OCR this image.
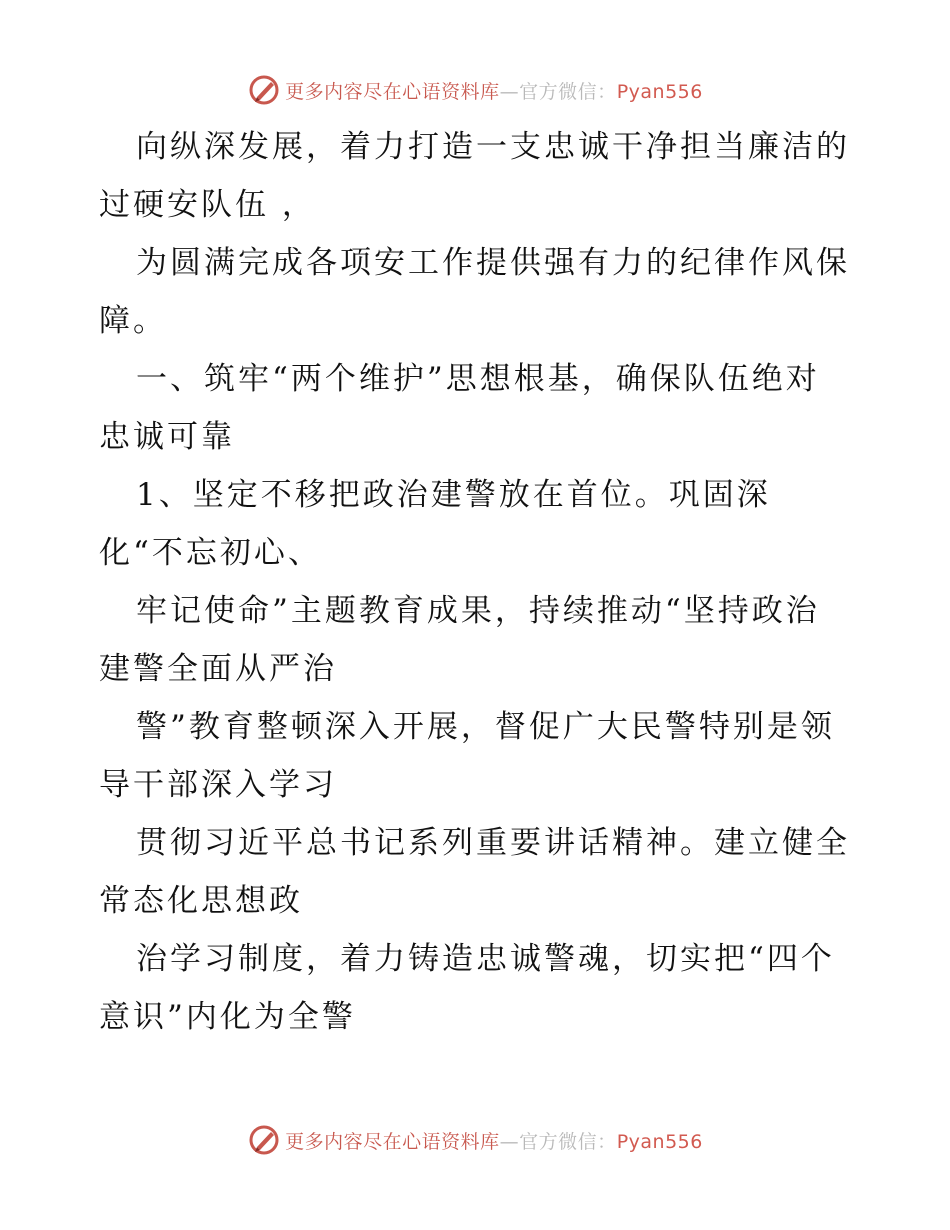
更多内容尽在心语资料库—官方微信：Pyan556
向纵深发展，着力打造一支忠诚干净担当廉洁的
过硬安队伍 ，
为圆满完成各项安工作提供强有力的纪律作风保
障。
一、筑牢“两个维护”思想根基，确保队伍绝对
忠诚可靠
1、坚定不移把政治建警放在首位。巩固深
化“不忘初心、
牢记使命”主题教育成果，持续推动“坚持政治
建警全面从严治
警”教育整顿深入开展，督促广大民警特别是领
导干部深入学习
贯彻习近平总书记系列重要讲话精神。建立健全
常态化思想政
治学习制度，着力铸造忠诚警魂，切实把“四个
意识”内化为全警
更多内容尽在心语资料库—官方微信：Pyan556
